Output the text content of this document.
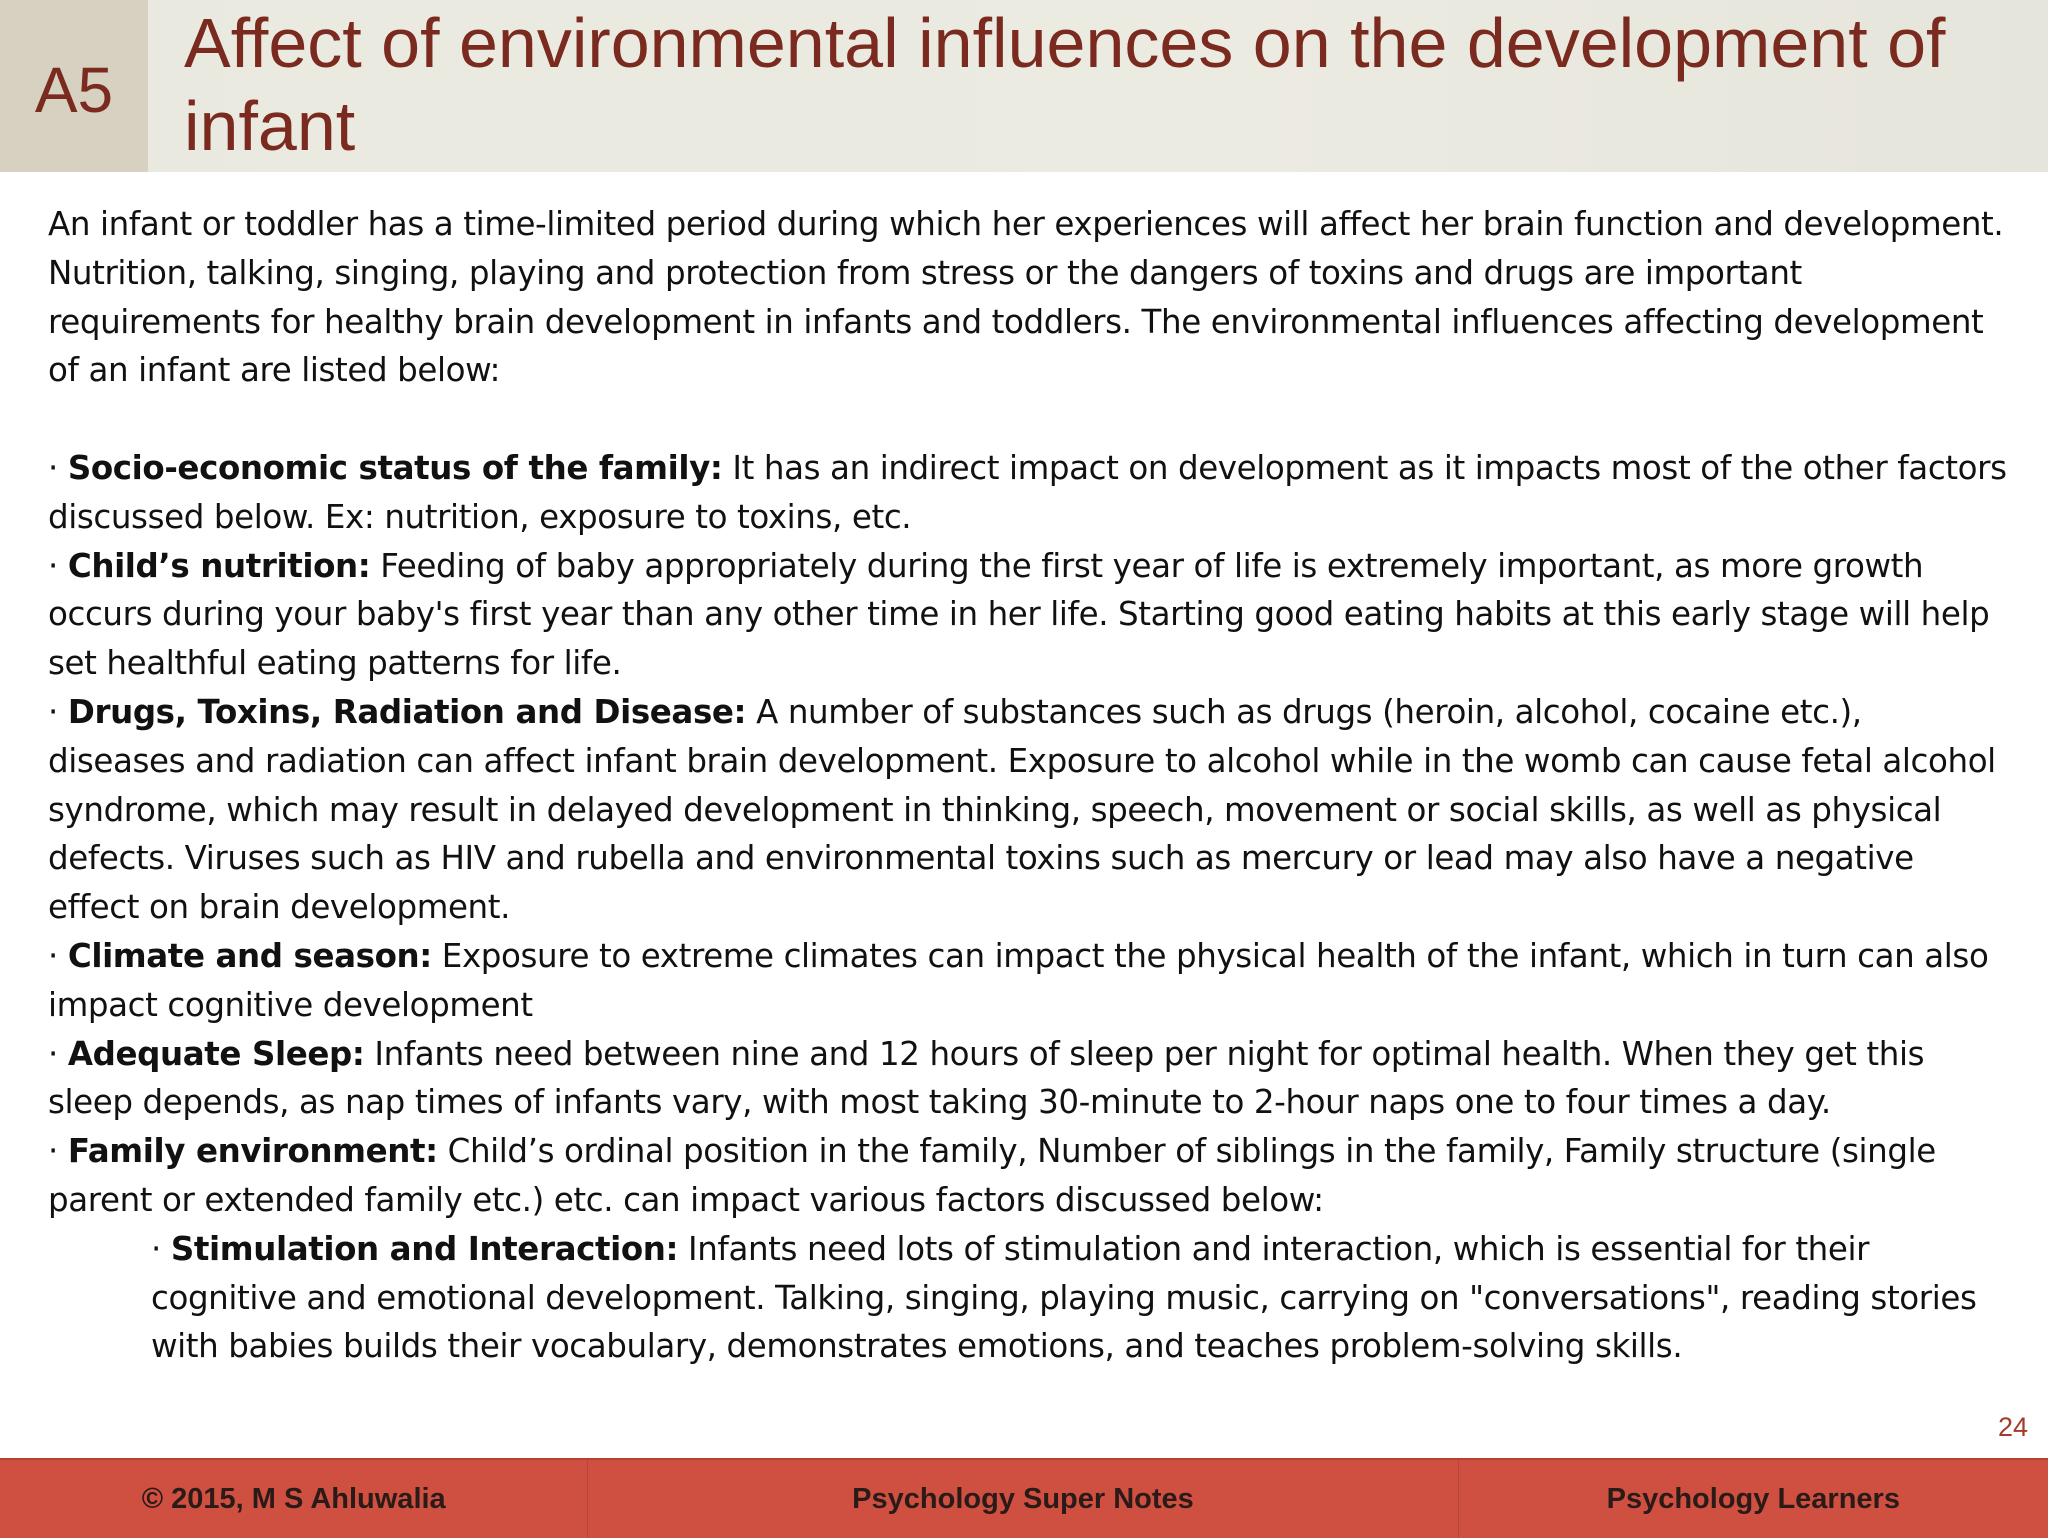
A5
Affect of environmental influences on the development of infant

An infant or toddler has a time-limited period during which her experiences will affect her brain function and development. Nutrition, talking, singing, playing and protection from stress or the dangers of toxins and drugs are important requirements for healthy brain development in infants and toddlers. The environmental influences affecting development of an infant are listed below:

· Socio-economic status of the family: It has an indirect impact on development as it impacts most of the other factors discussed below. Ex: nutrition, exposure to toxins, etc.

· Child’s nutrition: Feeding of baby appropriately during the first year of life is extremely important, as more growth occurs during your baby's first year than any other time in her life. Starting good eating habits at this early stage will help set healthful eating patterns for life.

· Drugs, Toxins, Radiation and Disease: A number of substances such as drugs (heroin, alcohol, cocaine etc.), diseases and radiation can affect infant brain development. Exposure to alcohol while in the womb can cause fetal alcohol syndrome, which may result in delayed development in thinking, speech, movement or social skills, as well as physical defects. Viruses such as HIV and rubella and environmental toxins such as mercury or lead may also have a negative effect on brain development.

· Climate and season: Exposure to extreme climates can impact the physical health of the infant, which in turn can also impact cognitive development

· Adequate Sleep: Infants need between nine and 12 hours of sleep per night for optimal health. When they get this sleep depends, as nap times of infants vary, with most taking 30-minute to 2-hour naps one to four times a day.

· Family environment: Child’s ordinal position in the family, Number of siblings in the family, Family structure (single parent or extended family etc.) etc. can impact various factors discussed below:

· Stimulation and Interaction: Infants need lots of stimulation and interaction, which is essential for their cognitive and emotional development. Talking, singing, playing music, carrying on "conversations", reading stories with babies builds their vocabulary, demonstrates emotions, and teaches problem-solving skills.

24
© 2015, M S Ahluwalia	Psychology Super Notes	Psychology Learners
